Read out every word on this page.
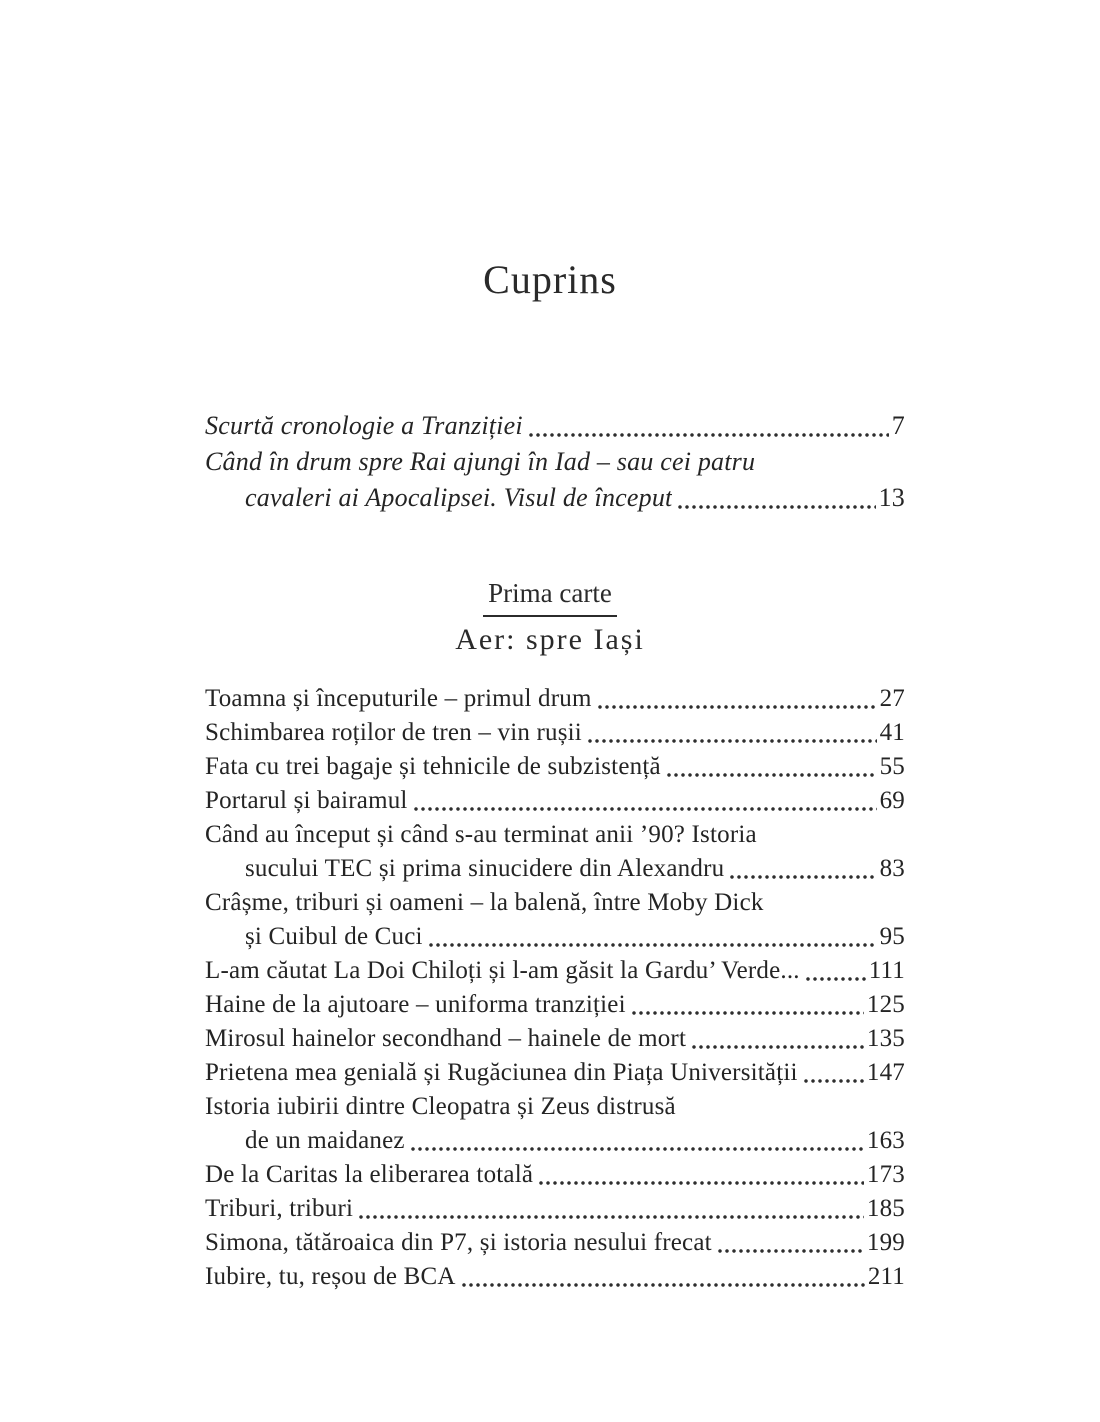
Cuprins
Scurtă cronologie a Tranziției	7
Când în drum spre Rai ajungi în Iad – sau cei patru
cavaleri ai Apocalipsei. Visul de început	13
Prima carte
Aer: spre Iași
Toamna și începuturile – primul drum	27
Schimbarea roților de tren – vin rușii	41
Fata cu trei bagaje și tehnicile de subzistență	55
Portarul și bairamul	69
Când au început și când s-au terminat anii ’90? Istoria
sucului TEC și prima sinucidere din Alexandru	83
Crâșme, triburi și oameni – la balenă, între Moby Dick
și Cuibul de Cuci	95
L-am căutat La Doi Chiloți și l-am găsit la Gardu’ Verde...	111
Haine de la ajutoare – uniforma tranziției	125
Mirosul hainelor secondhand – hainele de mort	135
Prietena mea genială și Rugăciunea din Piața Universității	147
Istoria iubirii dintre Cleopatra și Zeus distrusă
de un maidanez	163
De la Caritas la eliberarea totală	173
Triburi, triburi	185
Simona, tătăroaica din P7, și istoria nesului frecat	199
Iubire, tu, reșou de BCA	211
